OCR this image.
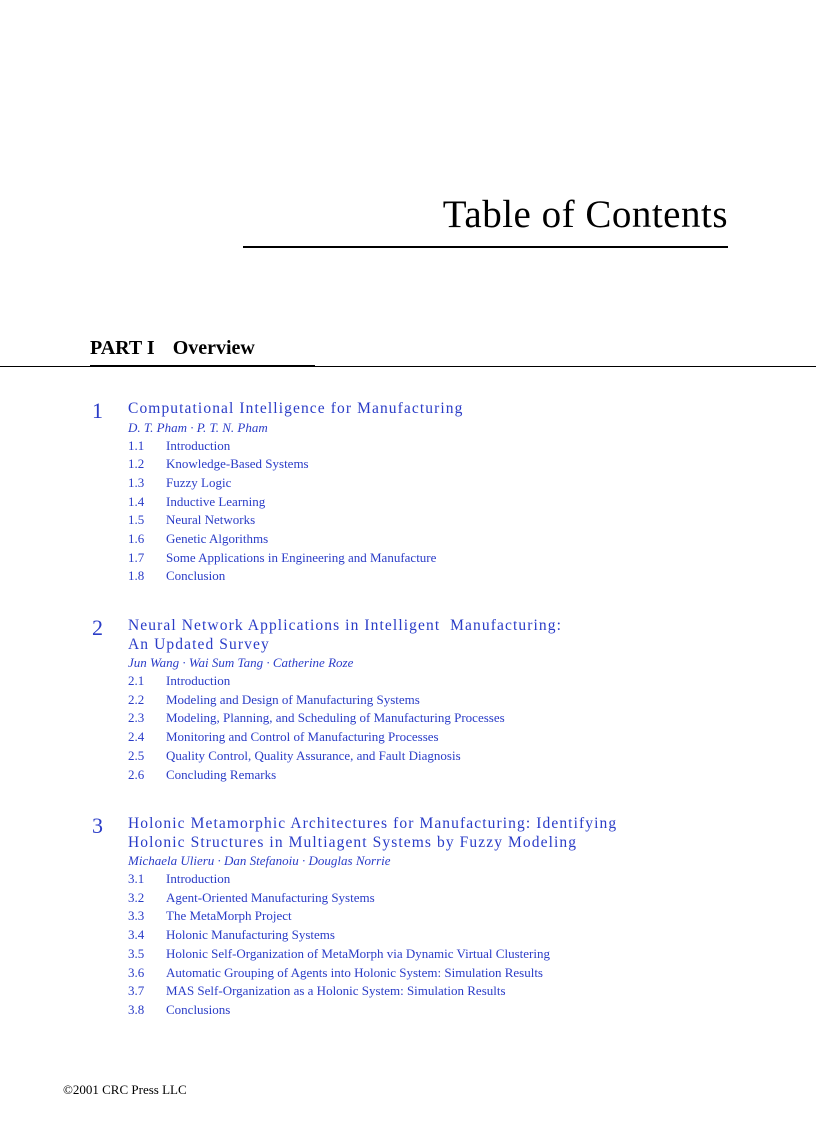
Table of Contents
PART I Overview
1 Computational Intelligence for Manufacturing
D. T. Pham · P. T. N. Pham
1.1	Introduction
1.2	Knowledge-Based Systems
1.3	Fuzzy Logic
1.4	Inductive Learning
1.5	Neural Networks
1.6	Genetic Algorithms
1.7	Some Applications in Engineering and Manufacture
1.8	Conclusion
2 Neural Network Applications in Intelligent  Manufacturing:
An Updated Survey
Jun Wang · Wai Sum Tang · Catherine Roze
2.1	Introduction
2.2	Modeling and Design of Manufacturing Systems
2.3	Modeling, Planning, and Scheduling of Manufacturing Processes
2.4	Monitoring and Control of Manufacturing Processes
2.5	Quality Control, Quality Assurance, and Fault Diagnosis
2.6	Concluding Remarks
3 Holonic Metamorphic Architectures for Manufacturing: Identifying
Holonic Structures in Multiagent Systems by Fuzzy Modeling
Michaela Ulieru · Dan Stefanoiu · Douglas Norrie
3.1	Introduction
3.2	Agent-Oriented Manufacturing Systems
3.3	The MetaMorph Project
3.4	Holonic Manufacturing Systems
3.5	Holonic Self-Organization of MetaMorph via Dynamic Virtual Clustering
3.6	Automatic Grouping of Agents into Holonic System: Simulation Results
3.7	MAS Self-Organization as a Holonic System: Simulation Results
3.8	Conclusions
©2001 CRC Press LLC
